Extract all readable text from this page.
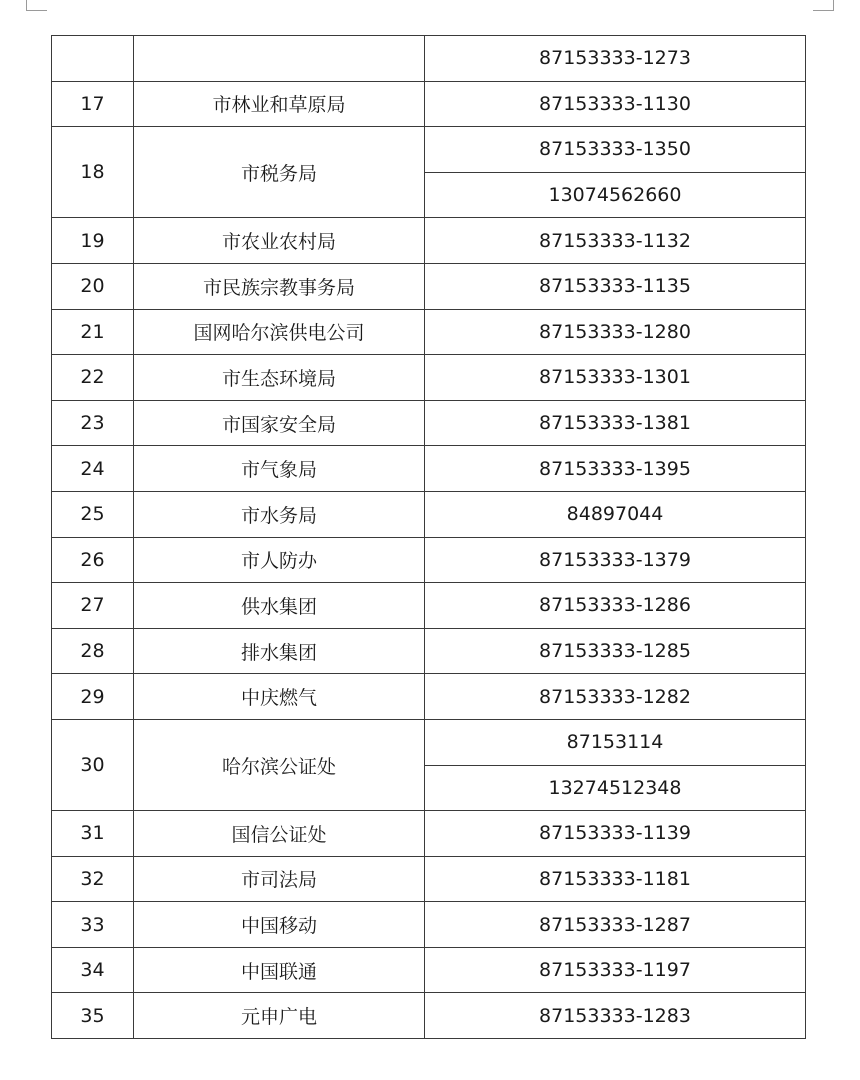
		87153333-1273
17	市林业和草原局	87153333-1130
18	市税务局	87153333-1350
		13074562660
19	市农业农村局	87153333-1132
20	市民族宗教事务局	87153333-1135
21	国网哈尔滨供电公司	87153333-1280
22	市生态环境局	87153333-1301
23	市国家安全局	87153333-1381
24	市气象局	87153333-1395
25	市水务局	84897044
26	市人防办	87153333-1379
27	供水集团	87153333-1286
28	排水集团	87153333-1285
29	中庆燃气	87153333-1282
30	哈尔滨公证处	87153114
		13274512348
31	国信公证处	87153333-1139
32	市司法局	87153333-1181
33	中国移动	87153333-1287
34	中国联通	87153333-1197
35	元申广电	87153333-1283
